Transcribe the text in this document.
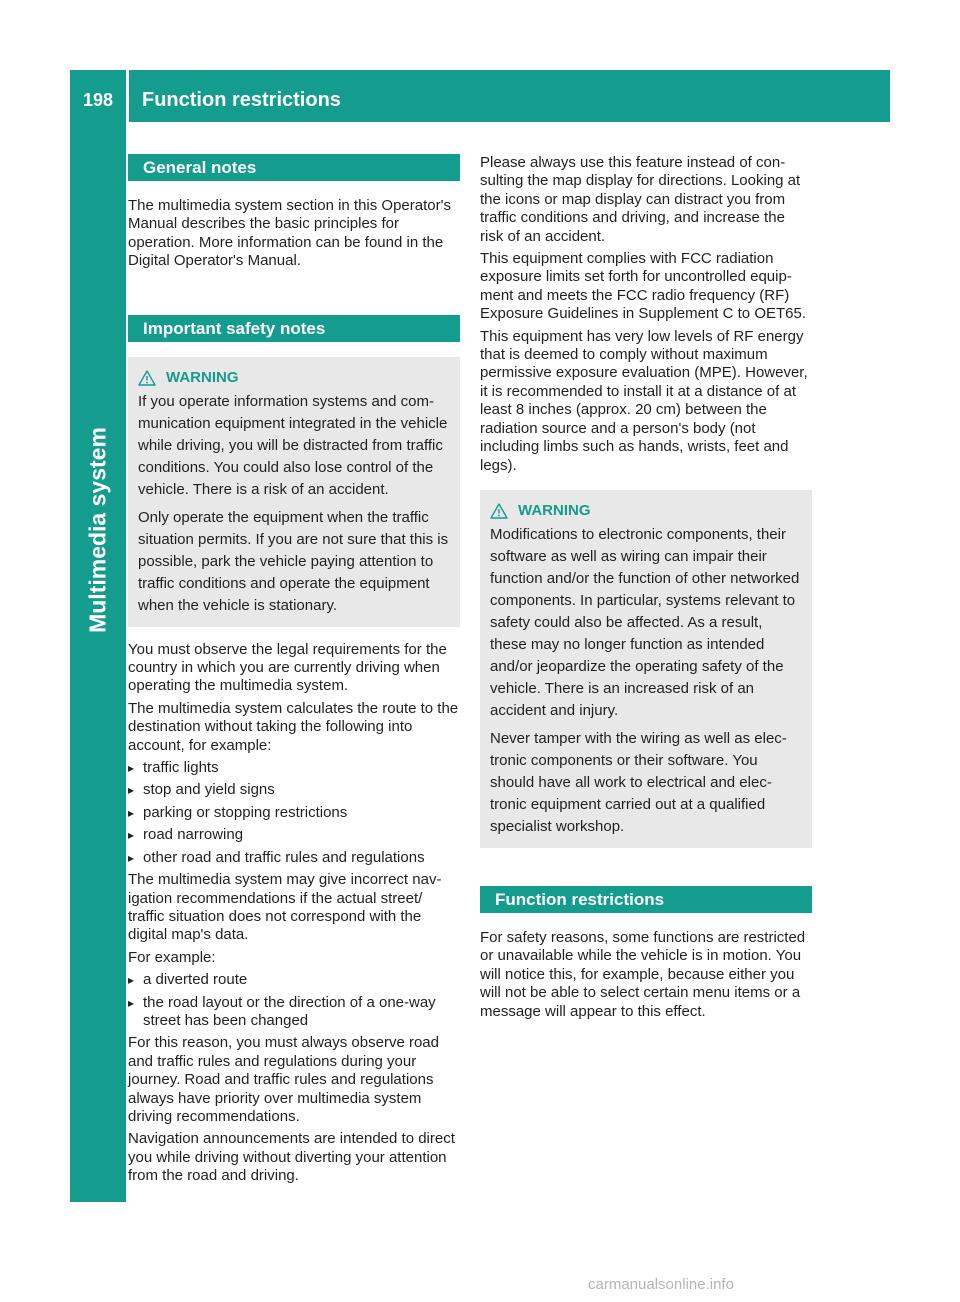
198	Function restrictions
Multimedia system
General notes

The multimedia system section in this Operator's Manual describes the basic principles for operation. More information can be found in the Digital Operator's Manual.

Important safety notes
WARNING

If you operate information systems and communication equipment integrated in the vehicle while driving, you will be distracted from traffic conditions. You could also lose control of the vehicle. There is a risk of an accident.

Only operate the equipment when the traffic situation permits. If you are not sure that this is possible, park the vehicle paying attention to traffic conditions and operate the equipment when the vehicle is stationary.

You must observe the legal requirements for the country in which you are currently driving when operating the multimedia system.

The multimedia system calculates the route to the destination without taking the following into account, for example:

▸ traffic lights
▸ stop and yield signs
▸ parking or stopping restrictions
▸ road narrowing
▸ other road and traffic rules and regulations

The multimedia system may give incorrect navigation recommendations if the actual street/ traffic situation does not correspond with the digital map's data.

For example:

▸ a diverted route
▸ the road layout or the direction of a one-way street has been changed

For this reason, you must always observe road and traffic rules and regulations during your journey. Road and traffic rules and regulations always have priority over multimedia system driving recommendations.

Navigation announcements are intended to direct you while driving without diverting your attention from the road and driving.

Please always use this feature instead of consulting the map display for directions. Looking at the icons or map display can distract you from traffic conditions and driving, and increase the risk of an accident.

This equipment complies with FCC radiation exposure limits set forth for uncontrolled equipment and meets the FCC radio frequency (RF) Exposure Guidelines in Supplement C to OET65.

This equipment has very low levels of RF energy that is deemed to comply without maximum permissive exposure evaluation (MPE). However, it is recommended to install it at a distance of at least 8 inches (approx. 20 cm) between the radiation source and a person's body (not including limbs such as hands, wrists, feet and legs).

WARNING

Modifications to electronic components, their software as well as wiring can impair their function and/or the function of other networked components. In particular, systems relevant to safety could also be affected. As a result, these may no longer function as intended and/or jeopardize the operating safety of the vehicle. There is an increased risk of an accident and injury.

Never tamper with the wiring as well as electronic components or their software. You should have all work to electrical and electronic equipment carried out at a qualified specialist workshop.

Function restrictions

For safety reasons, some functions are restricted or unavailable while the vehicle is in motion. You will notice this, for example, because either you will not be able to select certain menu items or a message will appear to this effect.

carmanualsonline.info
